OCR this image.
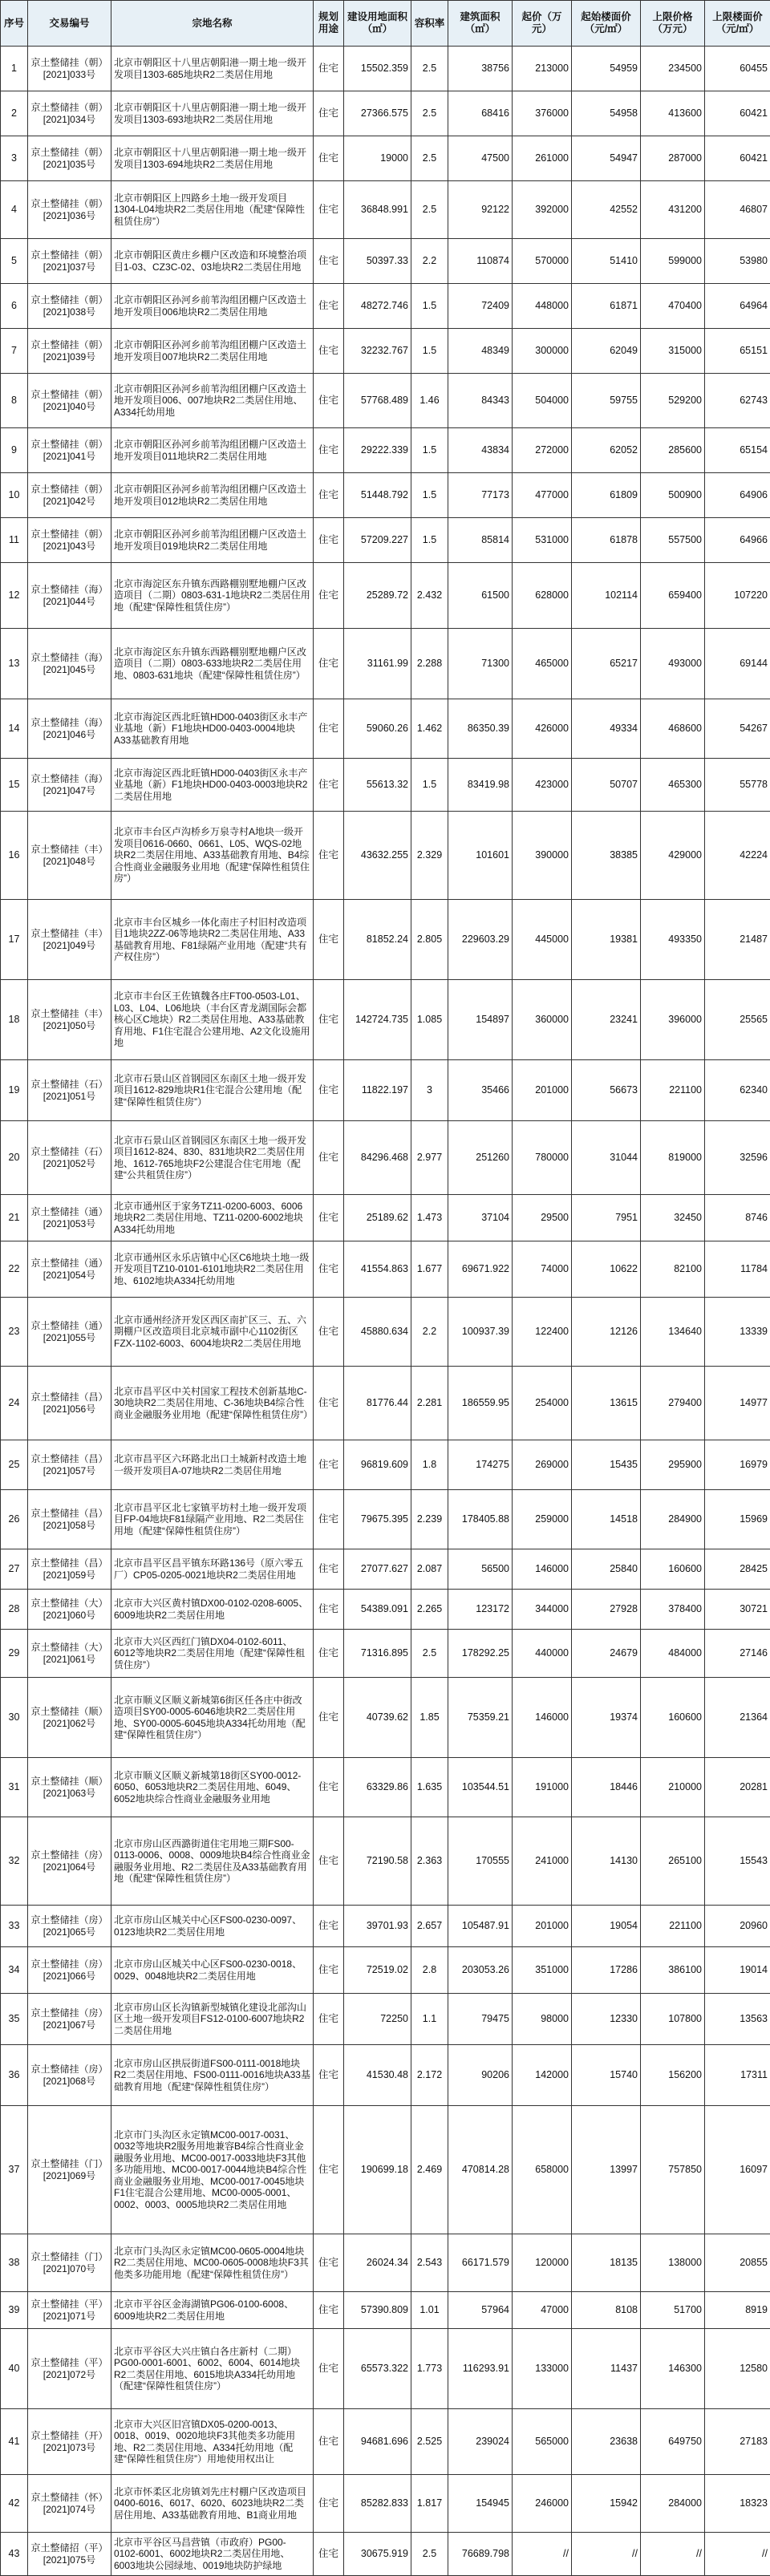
序号	交易编号	宗地名称	规划用途	建设用地面积（㎡）	容积率	建筑面积（㎡）	起价（万元）	起始楼面价（元/㎡）	上限价格（万元）	上限楼面价（元/㎡）
1	京土整储挂（朝）[2021]033号	北京市朝阳区十八里店朝阳港一期土地一级开发项目1303-685地块R2二类居住用地	住宅	15502.359	2.5	38756	213000	54959	234500	60455
2	京土整储挂（朝）[2021]034号	北京市朝阳区十八里店朝阳港一期土地一级开发项目1303-693地块R2二类居住用地	住宅	27366.575	2.5	68416	376000	54958	413600	60421
3	京土整储挂（朝）[2021]035号	北京市朝阳区十八里店朝阳港一期土地一级开发项目1303-694地块R2二类居住用地	住宅	19000	2.5	47500	261000	54947	287000	60421
4	京土整储挂（朝）[2021]036号	北京市朝阳区上四路乡土地一级开发项目1304-L04地块R2二类居住用地（配建“保障性租赁住房”）	住宅	36848.991	2.5	92122	392000	42552	431200	46807
5	京土整储挂（朝）[2021]037号	北京市朝阳区黄庄乡棚户区改造和环境整治项目1-03、CZ3C-02、03地块R2二类居住用地	住宅	50397.33	2.2	110874	570000	51410	599000	53980
6	京土整储挂（朝）[2021]038号	北京市朝阳区孙河乡前苇沟组团棚户区改造土地开发项目006地块R2二类居住用地	住宅	48272.746	1.5	72409	448000	61871	470400	64964
7	京土整储挂（朝）[2021]039号	北京市朝阳区孙河乡前苇沟组团棚户区改造土地开发项目007地块R2二类居住用地	住宅	32232.767	1.5	48349	300000	62049	315000	65151
8	京土整储挂（朝）[2021]040号	北京市朝阳区孙河乡前苇沟组团棚户区改造土地开发项目006、007地块R2二类居住用地、A334托幼用地	住宅	57768.489	1.46	84343	504000	59755	529200	62743
9	京土整储挂（朝）[2021]041号	北京市朝阳区孙河乡前苇沟组团棚户区改造土地开发项目011地块R2二类居住用地	住宅	29222.339	1.5	43834	272000	62052	285600	65154
10	京土整储挂（朝）[2021]042号	北京市朝阳区孙河乡前苇沟组团棚户区改造土地开发项目012地块R2二类居住用地	住宅	51448.792	1.5	77173	477000	61809	500900	64906
11	京土整储挂（朝）[2021]043号	北京市朝阳区孙河乡前苇沟组团棚户区改造土地开发项目019地块R2二类居住用地	住宅	57209.227	1.5	85814	531000	61878	557500	64966
12	京土整储挂（海）[2021]044号	北京市海淀区东升镇东西路棚别墅地棚户区改造项目（二期）0803-631-1地块R2二类居住用地（配建“保障性租赁住房”）	住宅	25289.72	2.432	61500	628000	102114	659400	107220
13	京土整储挂（海）[2021]045号	北京市海淀区东升镇东西路棚别墅地棚户区改造项目（二期）0803-633地块R2二类居住用地、0803-631地块（配建“保障性租赁住房”）	住宅	31161.99	2.288	71300	465000	65217	493000	69144
14	京土整储挂（海）[2021]046号	北京市海淀区西北旺镇HD00-0403街区永丰产业基地（新）F1地块HD00-0403-0004地块A33基础教育用地	住宅	59060.26	1.462	86350.39	426000	49334	468600	54267
15	京土整储挂（海）[2021]047号	北京市海淀区西北旺镇HD00-0403街区永丰产业基地（新）F1地块HD00-0403-0003地块R2二类居住用地	住宅	55613.32	1.5	83419.98	423000	50707	465300	55778
16	京土整储挂（丰）[2021]048号	北京市丰台区卢沟桥乡万泉寺村A地块一级开发项目0616-0660、0661、L05、WQS-02地块R2二类居住用地、A33基础教育用地、B4综合性商业金融服务业用地（配建“保障性租赁住房”）	住宅	43632.255	2.329	101601	390000	38385	429000	42224
17	京土整储挂（丰）[2021]049号	北京市丰台区城乡一体化南庄子村旧村改造项目1地块2ZZ-06等地块R2二类居住用地、A33基础教育用地、F81绿隔产业用地（配建“共有产权住房”）	住宅	81852.24	2.805	229603.29	445000	19381	493350	21487
18	京土整储挂（丰）[2021]050号	北京市丰台区王佐镇魏各庄FT00-0503-L01、L03、L04、L06地块（丰台区青龙湖国际会都核心区C地块）R2二类居住用地、A33基础教育用地、F1住宅混合公建用地、A2文化设施用地	住宅	142724.735	1.085	154897	360000	23241	396000	25565
19	京土整储挂（石）[2021]051号	北京市石景山区首钢园区东南区土地一级开发项目1612-829地块R1住宅混合公建用地（配建“保障性租赁住房”）	住宅	11822.197	3	35466	201000	56673	221100	62340
20	京土整储挂（石）[2021]052号	北京市石景山区首钢园区东南区土地一级开发项目1612-824、830、831地块R2二类居住用地、1612-765地块F2公建混合住宅用地（配建“公共租赁住房”）	住宅	84296.468	2.977	251260	780000	31044	819000	32596
21	京土整储挂（通）[2021]053号	北京市通州区于家务TZ11-0200-6003、6006地块R2二类居住用地、TZ11-0200-6002地块A334托幼用地	住宅	25189.62	1.473	37104	29500	7951	32450	8746
22	京土整储挂（通）[2021]054号	北京市通州区永乐店镇中心区C6地块土地一级开发项目TZ10-0101-6101地块R2二类居住用地、6102地块A334托幼用地	住宅	41554.863	1.677	69671.922	74000	10622	82100	11784
23	京土整储挂（通）[2021]055号	北京市通州经济开发区西区南扩区三、五、六期棚户区改造项目北京城市副中心1102街区FZX-1102-6003、6004地块R2二类居住用地	住宅	45880.634	2.2	100937.39	122400	12126	134640	13339
24	京土整储挂（昌）[2021]056号	北京市昌平区中关村国家工程技术创新基地C-30地块R2二类居住用地、C-36地块B4综合性商业金融服务业用地（配建“保障性租赁住房”）	住宅	81776.44	2.281	186559.95	254000	13615	279400	14977
25	京土整储挂（昌）[2021]057号	北京市昌平区六环路北出口土城新村改造土地一级开发项目A-07地块R2二类居住用地	住宅	96819.609	1.8	174275	269000	15435	295900	16979
26	京土整储挂（昌）[2021]058号	北京市昌平区北七家镇平坊村土地一级开发项目FP-04地块F81绿隔产业用地、R2二类居住用地（配建“保障性租赁住房”）	住宅	79675.395	2.239	178405.88	259000	14518	284900	15969
27	京土整储挂（昌）[2021]059号	北京市昌平区昌平镇东环路136号（原六零五厂）CP05-0205-0021地块R2二类居住用地	住宅	27077.627	2.087	56500	146000	25840	160600	28425
28	京土整储挂（大）[2021]060号	北京市大兴区黄村镇DX00-0102-0208-6005、6009地块R2二类居住用地	住宅	54389.091	2.265	123172	344000	27928	378400	30721
29	京土整储挂（大）[2021]061号	北京市大兴区西红门镇DX04-0102-6011、6012等地块R2二类居住用地（配建“保障性租赁住房”）	住宅	71316.895	2.5	178292.25	440000	24679	484000	27146
30	京土整储挂（顺）[2021]062号	北京市顺义区顺义新城第6街区任各庄中街改造项目SY00-0005-6046地块R2二类居住用地、SY00-0005-6045地块A334托幼用地（配建“保障性租赁住房”）	住宅	40739.62	1.85	75359.21	146000	19374	160600	21364
31	京土整储挂（顺）[2021]063号	北京市顺义区顺义新城第18街区SY00-0012-6050、6053地块R2二类居住用地、6049、6052地块综合性商业金融服务业用地	住宅	63329.86	1.635	103544.51	191000	18446	210000	20281
32	京土整储挂（房）[2021]064号	北京市房山区西潞街道住宅用地三期FS00-0113-0006、0008、0009地块B4综合性商业金融服务业用地、R2二类居住及A33基础教育用地（配建“保障性租赁住房”）	住宅	72190.58	2.363	170555	241000	14130	265100	15543
33	京土整储挂（房）[2021]065号	北京市房山区城关中心区FS00-0230-0097、0123地块R2二类居住用地	住宅	39701.93	2.657	105487.91	201000	19054	221100	20960
34	京土整储挂（房）[2021]066号	北京市房山区城关中心区FS00-0230-0018、0029、0048地块R2二类居住用地	住宅	72519.02	2.8	203053.26	351000	17286	386100	19014
35	京土整储挂（房）[2021]067号	北京市房山区长沟镇新型城镇化建设北部沟山区土地一级开发项目FS12-0100-6007地块R2二类居住用地	住宅	72250	1.1	79475	98000	12330	107800	13563
36	京土整储挂（房）[2021]068号	北京市房山区拱辰街道FS00-0111-0018地块R2二类居住用地、FS00-0111-0016地块A33基础教育用地（配建“保障性租赁住房”）	住宅	41530.48	2.172	90206	142000	15740	156200	17311
37	京土整储挂（门）[2021]069号	北京市门头沟区永定镇MC00-0017-0031、0032等地块R2服务用地兼容B4综合性商业金融服务业用地、MC00-0017-0033地块F3其他多功能用地、MC00-0017-0044地块B4综合性商业金融服务业用地、MC00-0017-0045地块F1住宅混合公建用地、MC00-0005-0001、0002、0003、0005地块R2二类居住用地	住宅	190699.18	2.469	470814.28	658000	13997	757850	16097
38	京土整储挂（门）[2021]070号	北京市门头沟区永定镇MC00-0605-0004地块R2二类居住用地、MC00-0605-0008地块F3其他类多功能用地（配建“保障性租赁住房”）	住宅	26024.34	2.543	66171.579	120000	18135	138000	20855
39	京土整储挂（平）[2021]071号	北京市平谷区金海湖镇PG06-0100-6008、6009地块R2二类居住用地	住宅	57390.809	1.01	57964	47000	8108	51700	8919
40	京土整储挂（平）[2021]072号	北京市平谷区大兴庄镇白各庄新村（二期）PG00-0001-6001、6002、6004、6014地块R2二类居住用地、6015地块A334托幼用地（配建“保障性租赁住房”）	住宅	65573.322	1.773	116293.91	133000	11437	146300	12580
41	京土整储挂（开）[2021]073号	北京市大兴区旧宫镇DX05-0200-0013、0018、0019、0020地块F3其他类多功能用地、R2二类居住用地、A334托幼用地（配建“保障性租赁住房”）用地使用权出让	住宅	94681.696	2.525	239024	565000	23638	649750	27183
42	京土整储挂（怀）[2021]074号	北京市怀柔区北房镇刘先庄村棚户区改造项目0400-6016、6017、6020、6023地块R2二类居住用地、A33基础教育用地、B1商业用地	住宅	85282.833	1.817	154945	246000	15942	284000	18323
43	京土整储招（平）[2021]075号	北京市平谷区马昌营镇（市政府）PG00-0102-6001、6002地块R2二类居住用地、6003地块公园绿地、0019地块防护绿地	住宅	30675.919	2.5	76689.798	//	//	//	//
